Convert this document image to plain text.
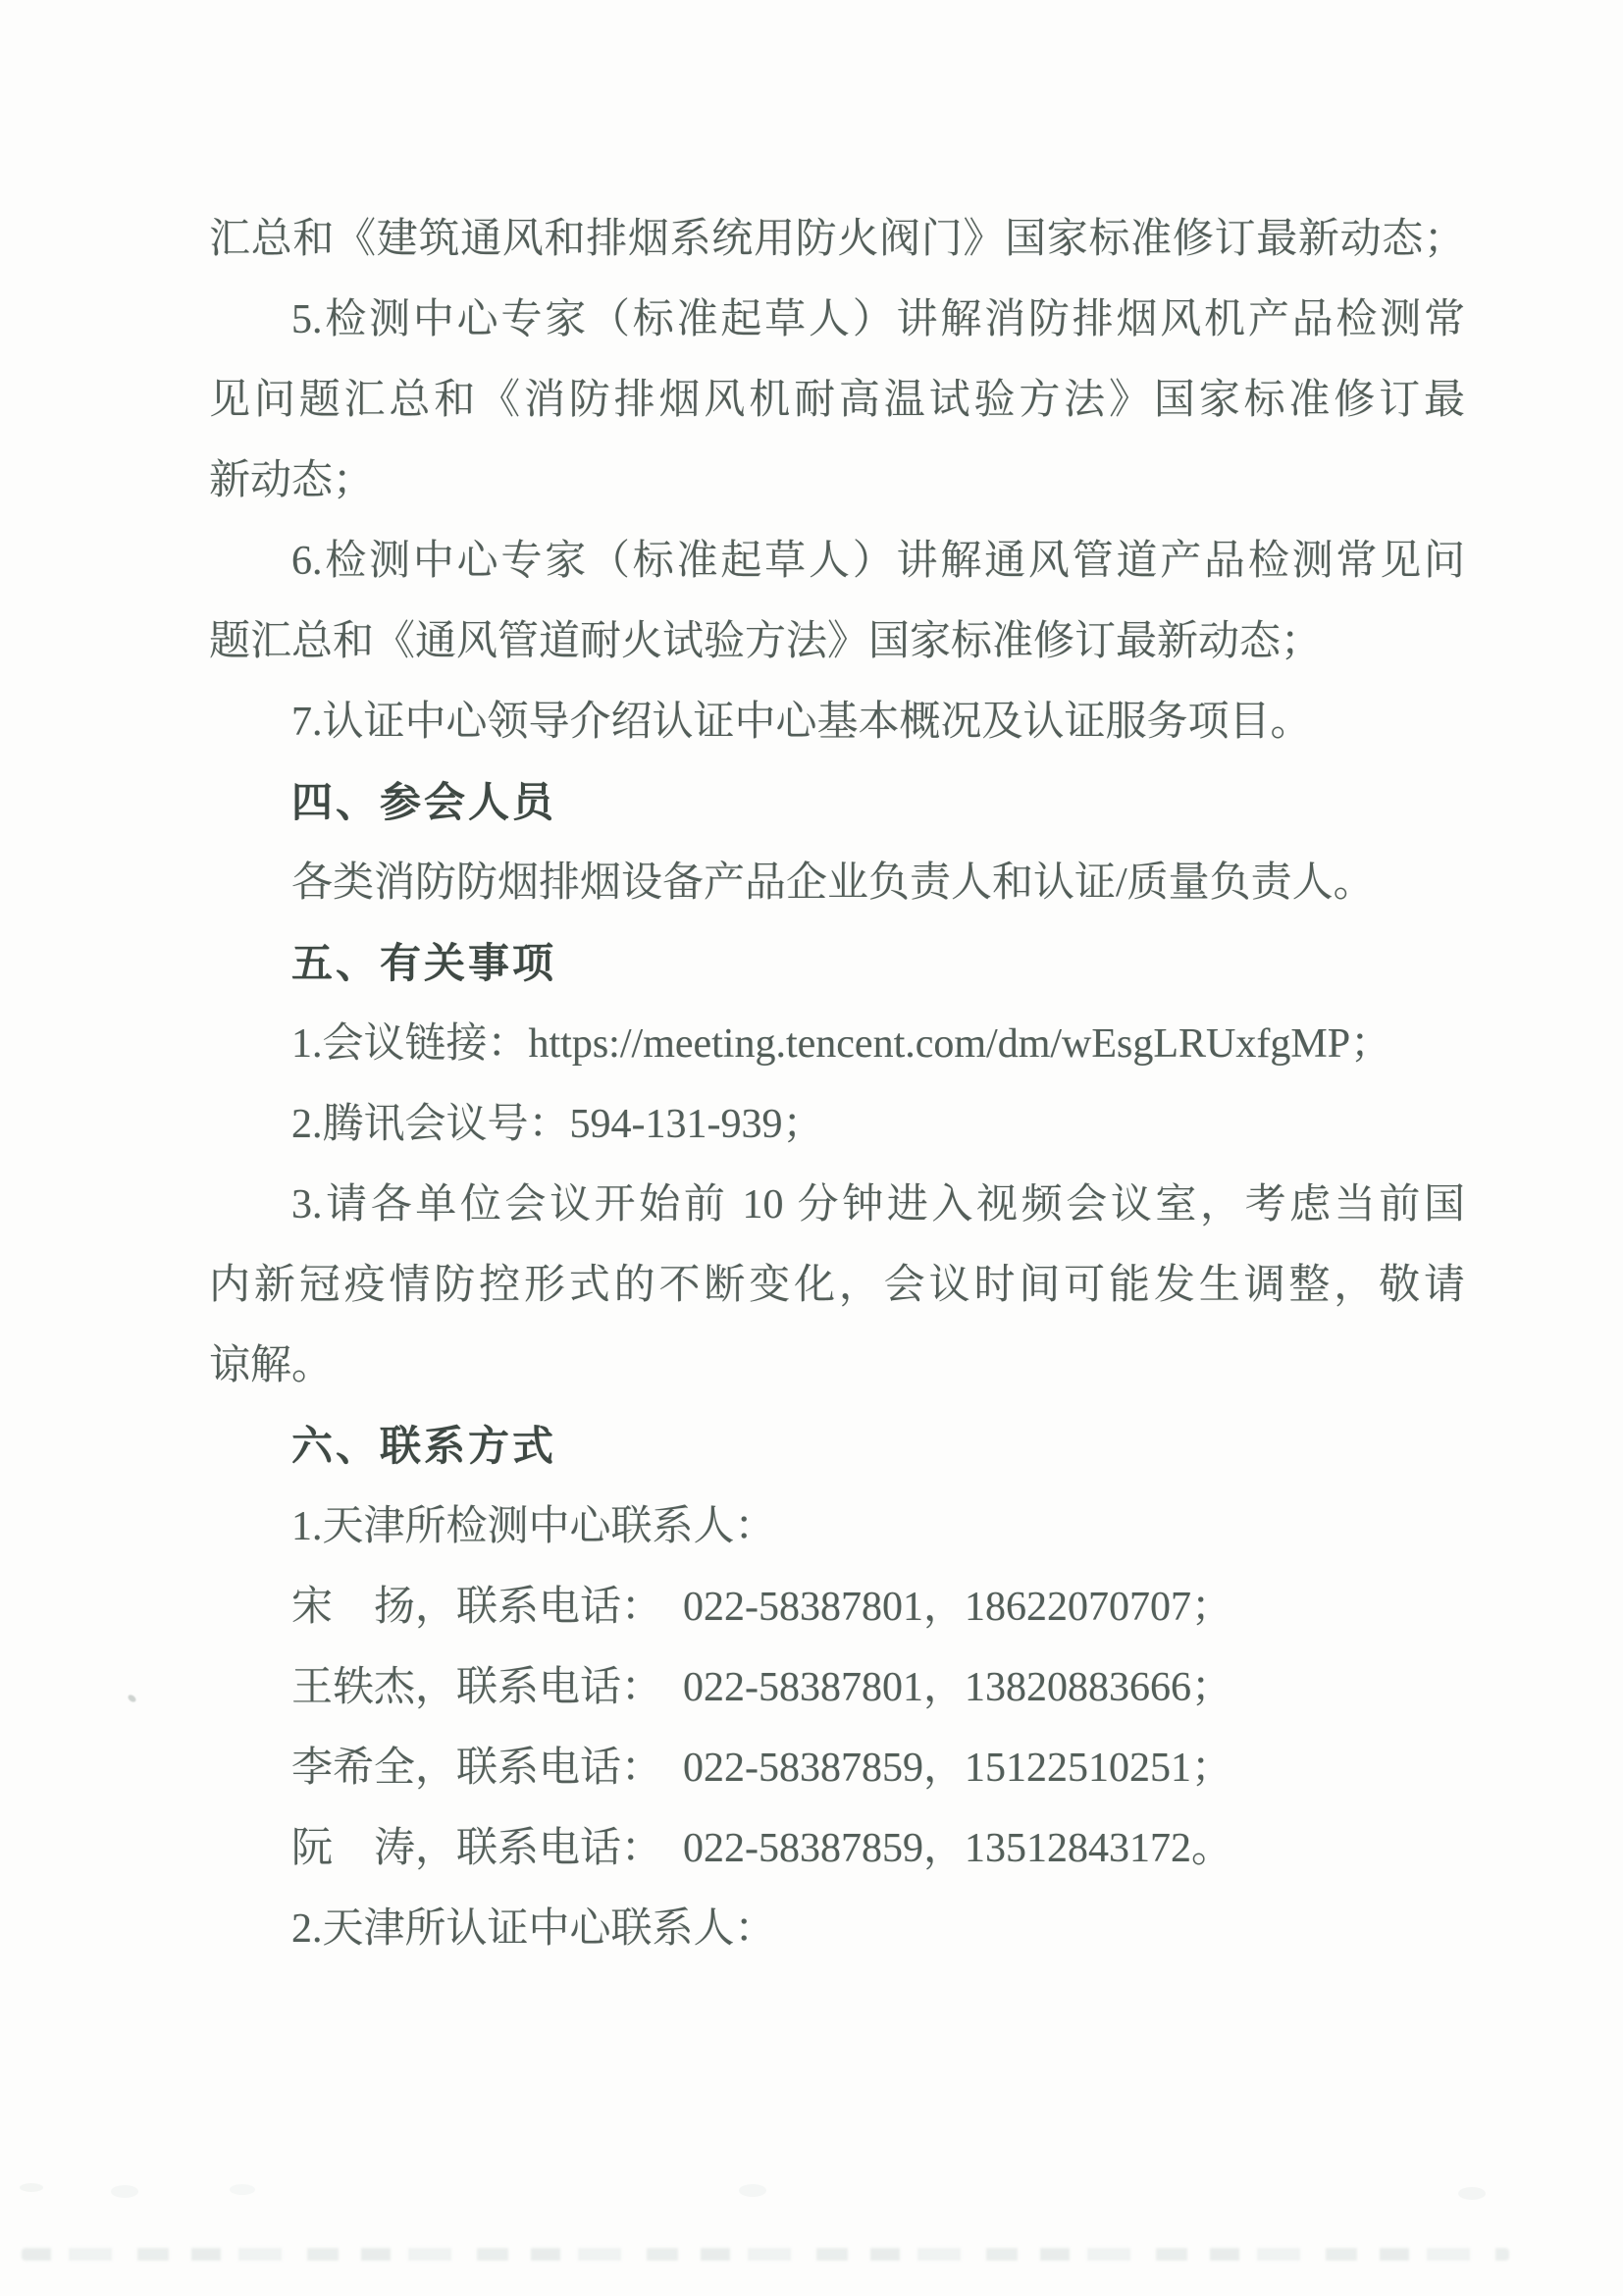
汇总和《建筑通风和排烟系统用防火阀门》国家标准修订最新动态；
5.检测中心专家（标准起草人）讲解消防排烟风机产品检测常
见问题汇总和《消防排烟风机耐高温试验方法》国家标准修订最
新动态；
6.检测中心专家（标准起草人）讲解通风管道产品检测常见问
题汇总和《通风管道耐火试验方法》国家标准修订最新动态；
7.认证中心领导介绍认证中心基本概况及认证服务项目。
四、参会人员
各类消防防烟排烟设备产品企业负责人和认证/质量负责人。
五、有关事项
1.会议链接：https://meeting.tencent.com/dm/wEsgLRUxfgMP；
2.腾讯会议号：594-131-939；
3.请各单位会议开始前 10 分钟进入视频会议室，考虑当前国
内新冠疫情防控形式的不断变化，会议时间可能发生调整，敬请
谅解。
六、联系方式
1.天津所检测中心联系人：
宋　扬，联系电话： 022-58387801，18622070707；
王轶杰，联系电话： 022-58387801，13820883666；
李希全，联系电话： 022-58387859，15122510251；
阮　涛，联系电话： 022-58387859，13512843172。
2.天津所认证中心联系人：
